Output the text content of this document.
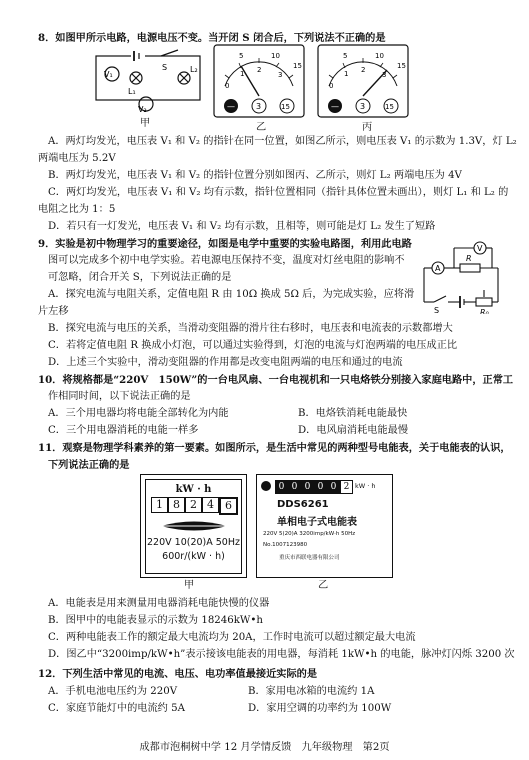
8．如图甲所示电路，电源电压不变。当开闭 S 闭合后，下列说法不正确的是
V₁
V₂
L₁
L₂
S
甲
5	10
15
0
1 2
3
—	3	15
乙
5	10
15
0
1 2
3
—	3	15
丙
A．两灯均发光，电压表 V₁ 和 V₂ 的指针在同一位置，如图乙所示，则电压表 V₁ 的示数为 1.3V，灯 L₂
两端电压为 5.2V
B．两灯均发光，电压表 V₁ 和 V₂ 的指针位置分别如图丙、乙所示，则灯 L₂ 两端电压为 4V
C．两灯均发光，电压表 V₁ 和 V₂ 均有示数，指针位置相同（指针具体位置未画出），则灯 L₁ 和 L₂ 的
电阻之比为 1：5
D．若只有一灯发光，电压表 V₁ 和 V₂ 均有示数，且相等，则可能是灯 L₂ 发生了短路
9．实验是初中物理学习的重要途径，如图是电学中重要的实验电路图，利用此电路
图可以完成多个初中电学实验。若电源电压保持不变，温度对灯丝电阻的影响不
可忽略，闭合开关 S，下列说法正确的是
A
V
R
S	R₀
A．探究电流与电阻关系，定值电阻 R 由 10Ω 换成 5Ω 后，为完成实验，应将滑
片左移
B．探究电流与电压的关系，当滑动变阻器的滑片往右移时，电压表和电流表的示数都增大
C．若将定值电阻 R 换成小灯泡，可以通过实验得到，灯泡的电流与灯泡两端的电压成正比
D．上述三个实验中，滑动变阻器的作用都是改变电阻两端的电压和通过的电流
10．将规格都是“220V　150W”的一台电风扇、一台电视机和一只电烙铁分别接入家庭电路中，正常工
作相同时间，以下说法正确的是
A．三个用电器均将电能全部转化为内能	B．电烙铁消耗电能最快
C．三个用电器消耗的电能一样多	D．电风扇消耗电能最慢
11．观察是物理学科素养的第一要素。如图所示，是生活中常见的两种型号电能表，关于电能表的认识，
下列说法正确的是
kW · h
1 8 2 4	6
220V 10(20)A 50Hz
600r/(kW · h)
甲
0 0 0 0 0 2 kW · h
DDS6261
单相电子式电能表
220V 5(20)A 3200imp/kW·h 50Hz
No.1007123980
重庆市西联电器有限公司
乙
A．电能表是用来测量用电器消耗电能快慢的仪器
B．图甲中的电能表显示的示数为 18246kW•h
C．两种电能表工作的额定最大电流均为 20A，工作时电流可以超过额定最大电流
D．图乙中“3200imp/kW•h”表示接该电能表的用电器，每消耗 1kW•h 的电能，脉冲灯闪烁 3200 次
12．下列生活中常见的电流、电压、电功率值最接近实际的是
A．手机电池电压约为 220V	B．家用电冰箱的电流约 1A
C．家庭节能灯中的电流约 5A	D．家用空调的功率约为 100W
成都市泡桐树中学 12 月学情反馈　九年级物理　第2页
